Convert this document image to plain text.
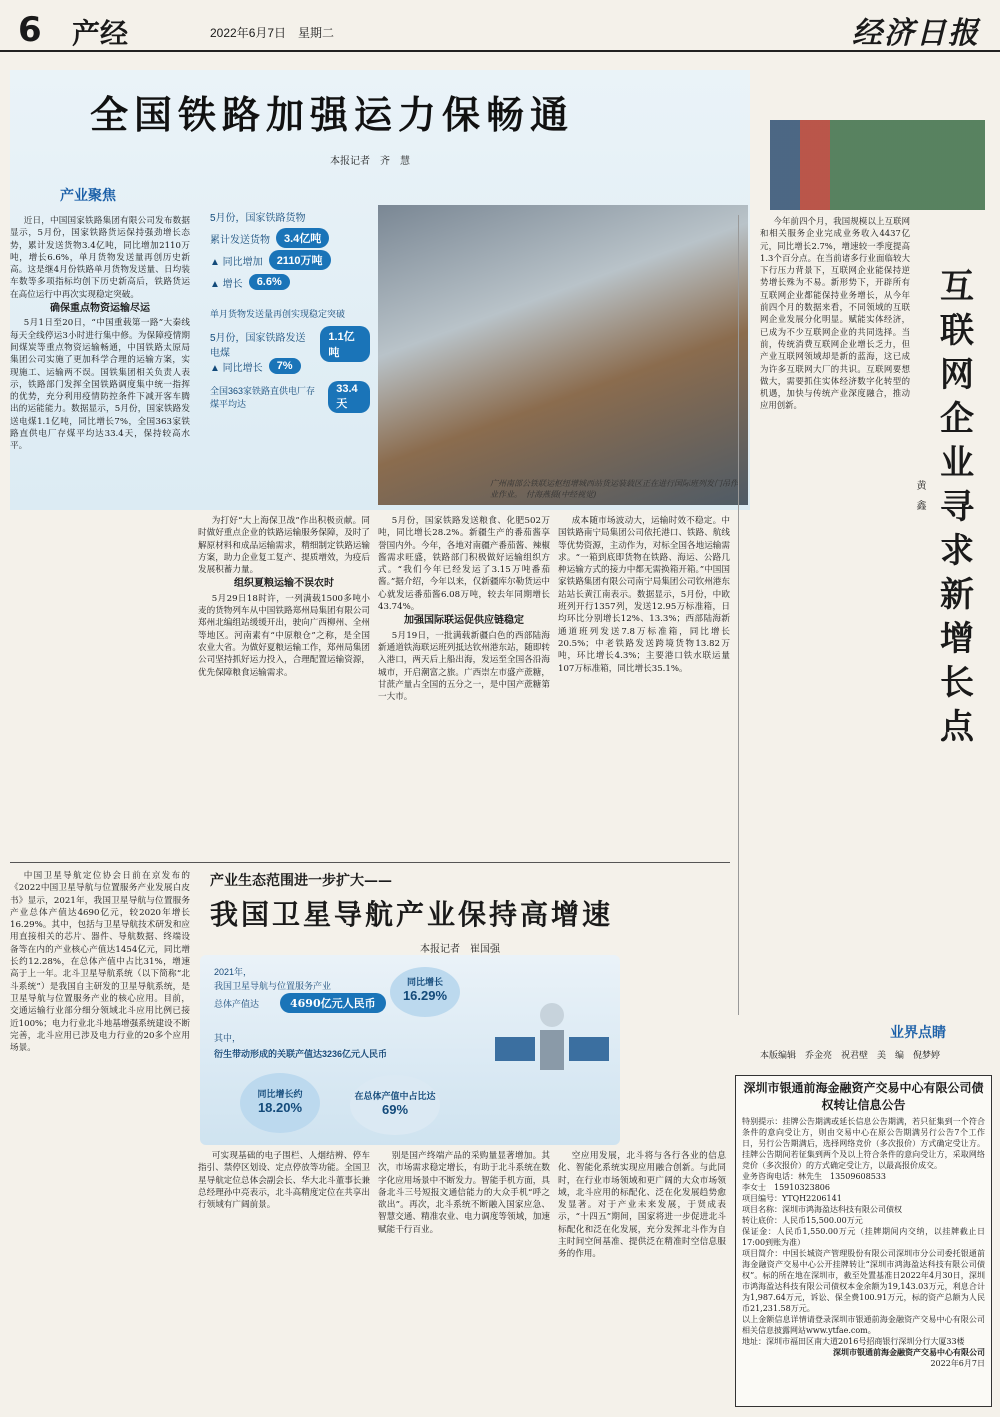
6 产经	2022年6月7日　星期二	经济日报
全国铁路加强运力保畅通
本报记者　齐　慧
产业聚焦
5月份，国家铁路货物
累计发送货物	3.4亿吨
▲ 同比增加	2110万吨
▲ 增长	6.6%
单月货物发送量再创实现稳定突破
5月份，国家铁路发送电煤
1.1亿吨
▲ 同比增长	7%
全国363家铁路直供电厂存煤平均达
33.4天
广州南部公铁联运枢纽增城西站货运装载区正在进行国际班列发门吊作业作业。　付海燕摄(中经视觉)

近日，中国国家铁路集团有限公司发布数据显示，5月份，国家铁路货运保持强劲增长态势，累计发送货物3.4亿吨，同比增加2110万吨，增长6.6%，单月货物发送量再创历史新高。这是继4月份铁路单月货物发送量、日均装车数等多项指标均创下历史新高后，铁路货运在高位运行中再次实现稳定突破。

确保重点物资运输尽运

5月1日至20日，“中国重载第一路”大秦线每天全线停运3小时进行集中修。为保障疫情期间煤炭等重点物资运输畅通，中国铁路太原局集团公司实施了更加科学合理的运输方案，实现施工、运输两不误。国铁集团相关负责人表示，铁路部门发挥全国铁路调度集中统一指挥的优势，充分利用疫情防控条件下减开客车腾出的运能能力。数据显示，5月份，国家铁路发送电煤1.1亿吨，同比增长7%，全国363家铁路直供电厂存煤平均达33.4天，保持较高水平。

为打好“大上海保卫战”作出积极贡献。同时做好重点企业的铁路运输服务保障，及时了解原材料和成品运输需求，精细制定铁路运输方案，助力企业复工复产、提质增效，为疫后发展积蓄力量。

组织夏粮运输不误农时

5月29日18时许，一列满载1500多吨小麦的货物列车从中国铁路郑州局集团有限公司郑州北编组站缓缓开出，驶向广西柳州、全州等地区。河南素有“中原粮仓”之称，是全国农业大省。为做好夏粮运输工作，郑州局集团公司坚持抓好运力投入，合理配置运输资源，优先保障粮食运输需求。

5月份，国家铁路发送粮食、化肥502万吨，同比增长28.2%。新疆生产的番茄酱享誉国内外。今年，各地对南疆产番茄酱、辣椒酱需求旺盛，铁路部门积极做好运输组织方式。“我们今年已经发运了3.15万吨番茄酱。”据介绍，今年以来，仅新疆库尔勒货运中心就发运番茄酱6.08万吨，较去年同期增长43.74%。

加强国际联运促供应链稳定

5月19日，一批满载新疆白色的西部陆海新通道铁海联运班列抵达钦州港东站，随即转入港口，两天后上船出海，发运至全国各沿海城市，开启潮富之旅。广西崇左市盛产蔗糖，甘蔗产量占全国的五分之一，是中国产蔗糖第一大市。

成本随市场波动大，运输时效不稳定。中国铁路南宁局集团公司依托港口、铁路、航线等优势资源，主动作为，对标全国各地运输需求。“一箱到底即货物在铁路、海运、公路几种运输方式的接力中都无需换箱开箱。”中国国家铁路集团有限公司南宁局集团公司钦州港东站站长黄江南表示。数据显示，5月份，中欧班列开行1357列，发送12.95万标准箱，日均环比分别增长12%、13.3%；西部陆海新通道班列发送7.8万标准箱，同比增长20.5%；中老铁路发送跨境货物13.82万吨，环比增长4.3%；主要港口铁水联运量107万标准箱，同比增长35.1%。

今年前四个月，我国规模以上互联网和相关服务企业完成业务收入4437亿元，同比增长2.7%，增速较一季度提高1.3个百分点。在当前诸多行业面临较大下行压力背景下，互联网企业能保持逆势增长殊为不易。新形势下，开辟所有互联网企业都能保持业务增长，从今年前四个月的数据来看，不同领域的互联网企业发展分化明显。赋能实体经济，已成为不少互联网企业的共同选择。当前，传统消费互联网企业增长乏力，但产业互联网领域却是新的蓝海，这已成为许多互联网大厂的共识。互联网要想做大，需要抓住实体经济数字化转型的机遇，加快与传统产业深度融合，推动应用创新。

互联网企业寻求新增长点
黄　鑫
业界点睛
本版编辑　乔金亮　祝君壁　美　编　倪梦婷
产业生态范围进一步扩大——
我国卫星导航产业保持高增速
本报记者　崔国强
2021年，
我国卫星导航与位置服务产业
总体产值达	4690亿元人民币
同比增长
16.29%
其中，
衍生带动形成的关联产值达3236亿元人民币
同比增长约
18.20%
在总体产值中占比达
69%

中国卫星导航定位协会日前在京发布的《2022中国卫星导航与位置服务产业发展白皮书》显示，2021年，我国卫星导航与位置服务产业总体产值达4690亿元，较2020年增长16.29%。其中，包括与卫星导航技术研发和应用直接相关的芯片、器件、导航数据、终端设备等在内的产业核心产值达1454亿元，同比增长约12.28%，在总体产值中占比31%，增速高于上一年。北斗卫星导航系统（以下简称“北斗系统”）是我国自主研发的卫星导航系统，是卫星导航与位置服务产业的核心应用。目前，交通运输行业部分细分领域北斗应用比例已接近100%；电力行业北斗地基增强系统建设不断完善，北斗应用已涉及电力行业的20多个应用场景。

可实现基础的电子围栏、人烟结辨、停车指引、禁停区划设、定点停放等功能。全国卫星导航定位总体会副会长、华大北斗董事长兼总经理孙中亮表示，北斗高精度定位在共享出行领域有广阔前景。

别是国产终端产品的采购量显著增加。其次，市场需求稳定增长，有助于北斗系统在数字化应用场景中不断发力。智能手机方面，具备北斗三号短报文通信能力的大众手机“呼之欲出”。再次，北斗系统不断融入国家应急、智慧交通、精准农业、电力调度等领域，加速赋能千行百业。

空应用发展，北斗将与各行各业的信息化、智能化系统实现应用融合创新。与此同时，在行业市场领域和更广阔的大众市场领域，北斗应用的标配化、泛在化发展趋势愈发显著。对于产业未来发展，于贤成表示，“十四五”期间，国家将进一步促进北斗标配化和泛在化发展，充分发挥北斗作为自主时间空间基准、提供泛在精准时空信息服务的作用。

深圳市银通前海金融资产交易中心有限公司债权转让信息公告
特别提示：挂牌公告期满或延长信息公告期满，若只征集到一个符合条件的意向受让方，则由交易中心在原公告期满另行公告7个工作日，另行公告期满后，选择网络竞价（多次报价）方式确定受让方。挂牌公告期间若征集到两个及以上符合条件的意向受让方，采取网络竞价（多次报价）的方式确定受让方，以最高报价成交。
业务咨询电话：林先生　13509608533
李女士　15910323806
项目编号：YTQH2206141
项目名称：深圳市鸿海盈达科技有限公司债权
转让底价：人民币15,500.00万元
保证金：人民币1,550.00万元（挂牌期间内交纳，以挂牌截止日17:00到账为准）
项目简介：中国长城资产管理股份有限公司深圳市分公司委托银通前海金融资产交易中心公开挂牌转让“深圳市鸿海盈达科技有限公司债权”。标的所在地在深圳市，截至处置基准日2022年4月30日，深圳市鸿海盈达科技有限公司债权本金余额为19,143.03万元，利息合计为1,987.64万元，诉讼、保全费100.91万元，标的资产总额为人民币21,231.58万元。
以上金额信息详情请登录深圳市银通前海金融资产交易中心有限公司相关信息披露网站www.ytfae.com。
地址：深圳市福田区南大道2016号招商银行深圳分行大厦33楼
深圳市银通前海金融资产交易中心有限公司
2022年6月7日
